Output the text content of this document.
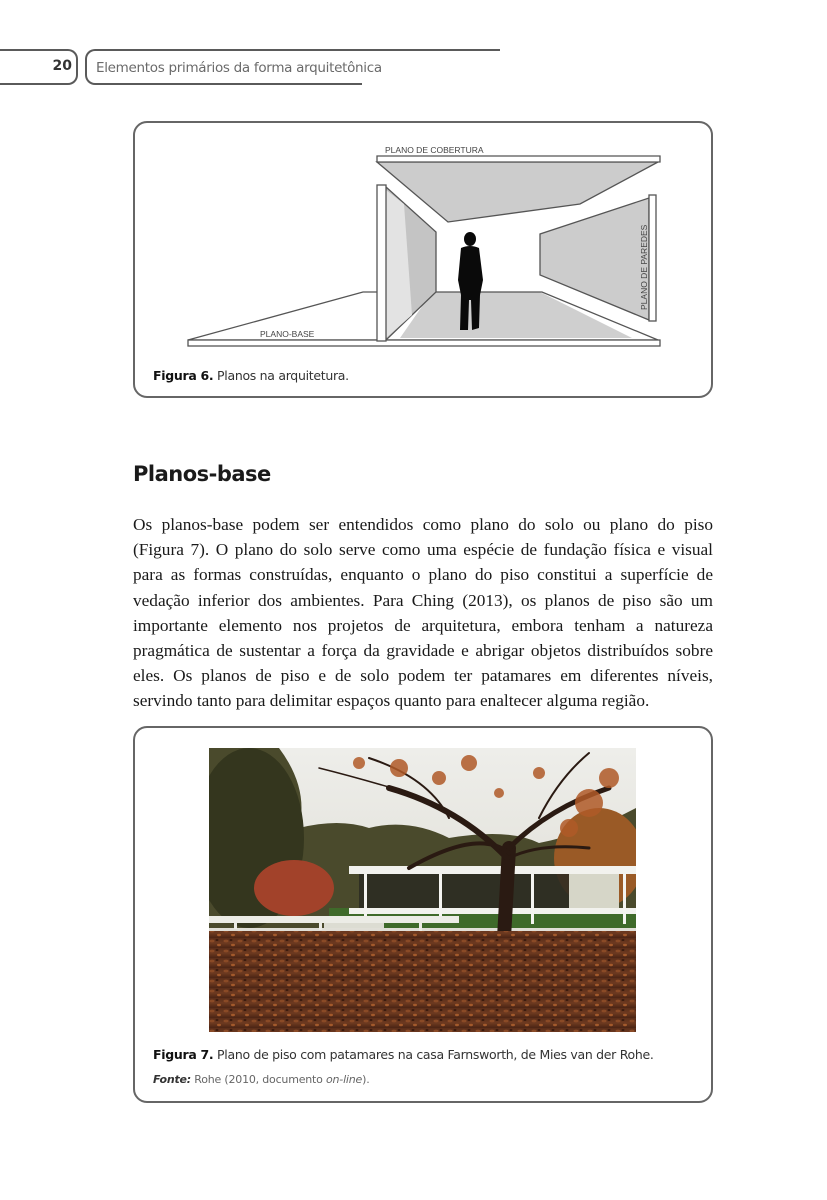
20 Elementos primários da forma arquitetônica
PLANO-BASE
PLANO DE COBERTURA
PLANO DE PAREDES
Figura 6. Planos na arquitetura.
Planos-base
Os planos-base podem ser entendidos como plano do solo ou plano do piso
(Figura 7). O plano do solo serve como uma espécie de fundação física e visual
para as formas construídas, enquanto o plano do piso constitui a superfície de
vedação inferior dos ambientes. Para Ching (2013), os planos de piso são um
importante elemento nos projetos de arquitetura, embora tenham a natureza
pragmática de sustentar a força da gravidade e abrigar objetos distribuídos sobre
eles. Os planos de piso e de solo podem ter patamares em diferentes níveis,
servindo tanto para delimitar espaços quanto para enaltecer alguma região.
Figura 7. Plano de piso com patamares na casa Farnsworth, de Mies van der Rohe.
Fonte: Rohe (2010, documento on-line).
